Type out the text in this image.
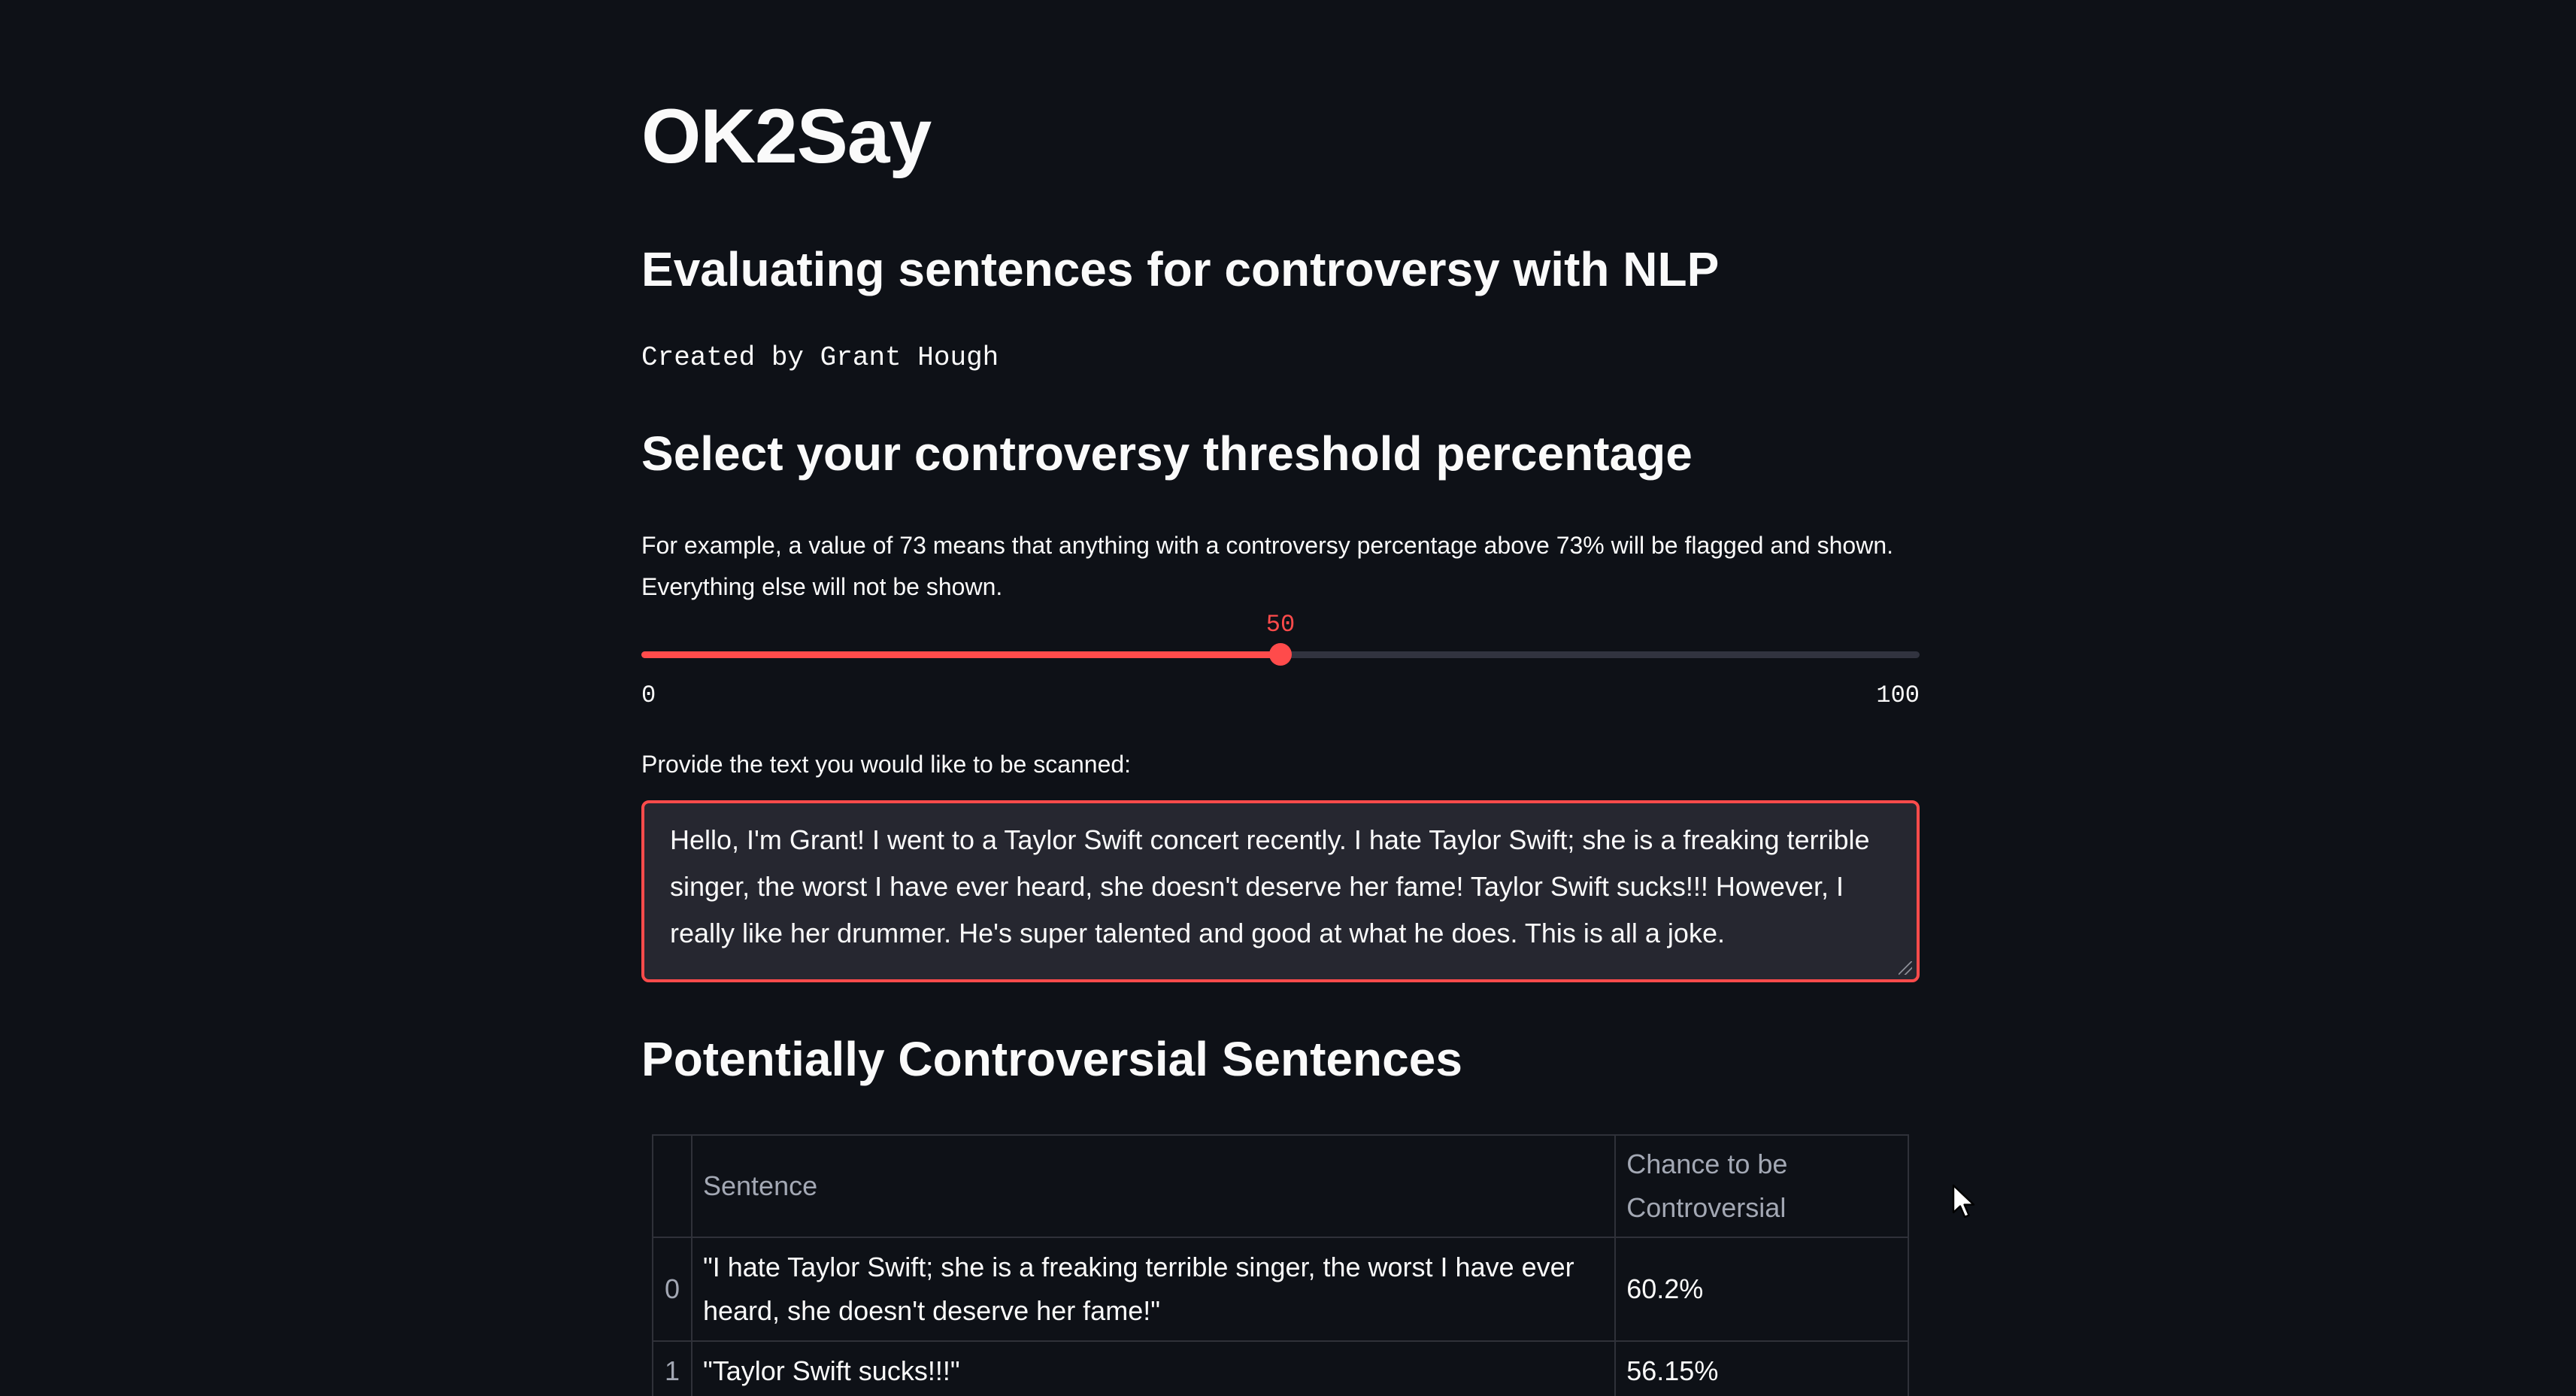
OK2Say
Evaluating sentences for controversy with NLP
Created by Grant Hough
Select your controversy threshold percentage
For example, a value of 73 means that anything with a controversy percentage above 73% will be flagged and shown.
Everything else will not be shown.
50
0	100
Provide the text you would like to be scanned:
Hello, I'm Grant! I went to a Taylor Swift concert recently. I hate Taylor Swift; she is a freaking terrible singer, the worst I have ever heard, she doesn't deserve her fame! Taylor Swift sucks!!! However, I really like her drummer. He's super talented and good at what he does. This is all a joke.
Potentially Controversial Sentences
	Sentence	Chance to be Controversial
0	"I hate Taylor Swift; she is a freaking terrible singer, the worst I have ever heard, she doesn't deserve her fame!"	60.2%
1	"Taylor Swift sucks!!!"	56.15%
